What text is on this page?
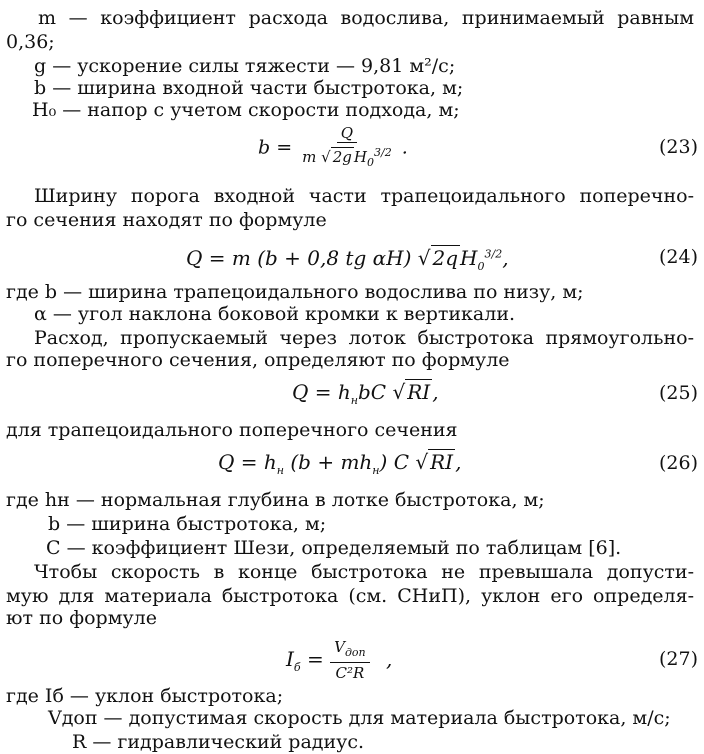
m — коэффициент расхода водослива, принимаемый равным
0,36;
g — ускорение силы тяжести — 9,81 м²/с;
b — ширина входной части быстротока, м;
H₀ — напор с учетом скорости подхода, м;
$b = \frac{Q}{m √ 2g H_0^{3/2}}$ .	(23)
Ширину порога входной части трапецоидального поперечно-
го сечения находят по формуле
Q = m (b + 0,8 tg αH) √ 2q $H_0^{3/2}$,	(24)
где b — ширина трапецоидального водослива по низу, м;
α — угол наклона боковой кромки к вертикали.
Расход, пропускаемый через лоток быстротока прямоугольно-
го поперечного сечения, определяют по формуле
$Q = h_нbC$ √ RI ,	(25)
для трапецоидального поперечного сечения
$Q = h_н$ $(b + mh_н)$ C √ RI ,	(26)
где hн — нормальная глубина в лотке быстротока, м;
b — ширина быстротока, м;
C — коэффициент Шези, определяемый по таблицам [6].
Чтобы скорость в конце быстротока не превышала допусти-
мую для материала быстротока (см. СНиП), уклон его определя-
ют по формуле
$I_б = \frac{V_{доп}}{\text{C²R}}$ ,	(27)
где Iб — уклон быстротока;
Vдоп — допустимая скорость для материала быстротока, м/с;
R — гидравлический радиус.
